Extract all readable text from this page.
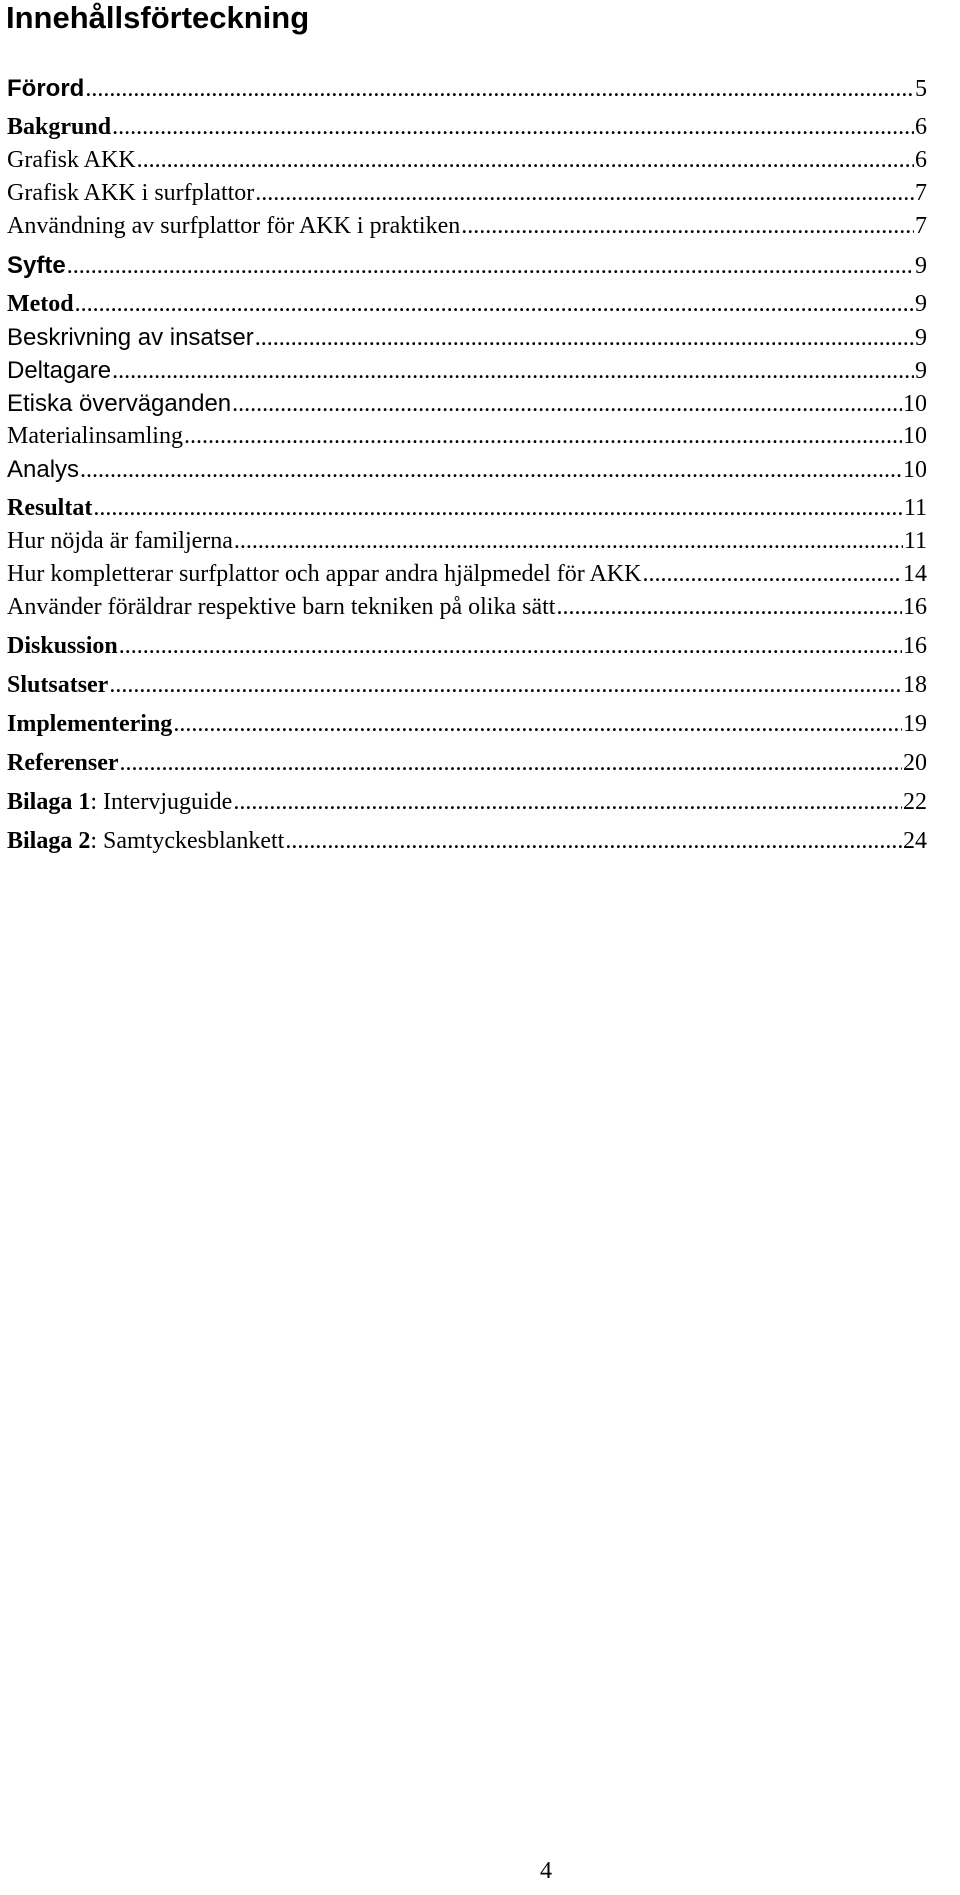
Innehållsförteckning
Förord .....	5
Bakgrund .....	6
Grafisk AKK .....	6
Grafisk AKK i surfplattor .....	7
Användning av surfplattor för AKK i praktiken .....	7
Syfte .....	9
Metod .....	9
Beskrivning av insatser .....	9
Deltagare .....	9
Etiska överväganden .....	10
Materialinsamling .....	10
Analys .....	10
Resultat .....	11
Hur nöjda är familjerna .....	11
Hur kompletterar surfplattor och appar andra hjälpmedel för AKK .....	14
Använder föräldrar respektive barn tekniken på olika sätt .....	16
Diskussion .....	16
Slutsatser .....	18
Implementering .....	19
Referenser .....	20
Bilaga 1: Intervjuguide .....	22
Bilaga 2: Samtyckesblankett .....	24
4
